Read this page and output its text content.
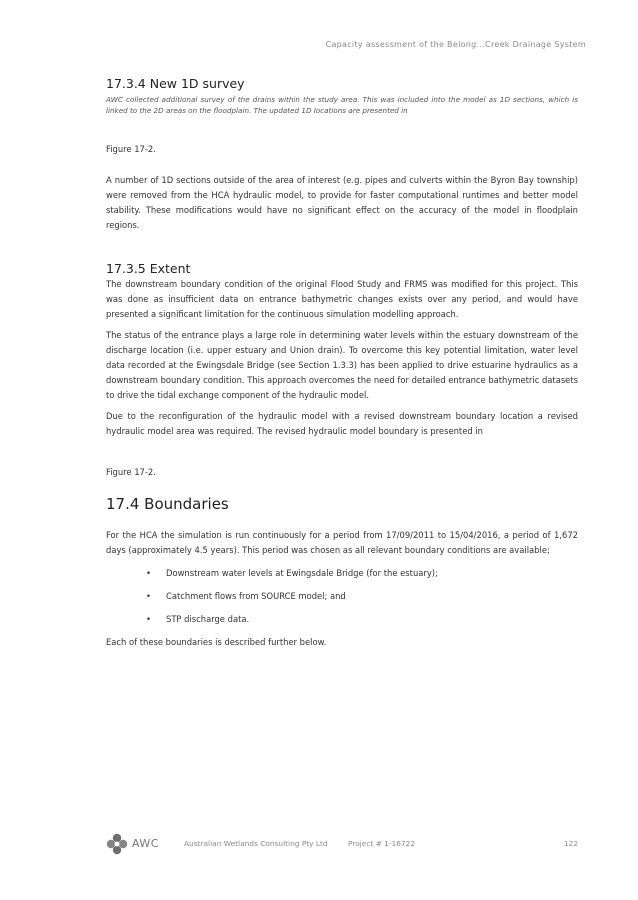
Capacity assessment of the Belong...Creek Drainage System
17.3.4 New 1D survey

AWC collected additional survey of the drains within the study area. This was included into the model as 1D sections, which is linked to the 2D areas on the floodplain. The updated 1D locations are presented in

Figure 17-2.

A number of 1D sections outside of the area of interest (e.g. pipes and culverts within the Byron Bay township) were removed from the HCA hydraulic model, to provide for faster computational runtimes and better model stability. These modifications would have no significant effect on the accuracy of the model in floodplain regions.

17.3.5 Extent

The downstream boundary condition of the original Flood Study and FRMS was modified for this project. This was done as insufficient data on entrance bathymetric changes exists over any period, and would have presented a significant limitation for the continuous simulation modelling approach.

The status of the entrance plays a large role in determining water levels within the estuary downstream of the discharge location (i.e. upper estuary and Union drain). To overcome this key potential limitation, water level data recorded at the Ewingsdale Bridge (see Section 1.3.3) has been applied to drive estuarine hydraulics as a downstream boundary condition. This approach overcomes the need for detailed entrance bathymetric datasets to drive the tidal exchange component of the hydraulic model.

Due to the reconfiguration of the hydraulic model with a revised downstream boundary location a revised hydraulic model area was required. The revised hydraulic model boundary is presented in

Figure 17-2.

17.4 Boundaries

For the HCA the simulation is run continuously for a period from 17/09/2011 to 15/04/2016, a period of 1,672 days (approximately 4.5 years). This period was chosen as all relevant boundary conditions are available;

• Downstream water levels at Ewingsdale Bridge (for the estuary);
• Catchment flows from SOURCE model; and
• STP discharge data.

Each of these boundaries is described further below.

AWC	Australian Wetlands Consulting Pty Ltd	Project # 1-16722	122
